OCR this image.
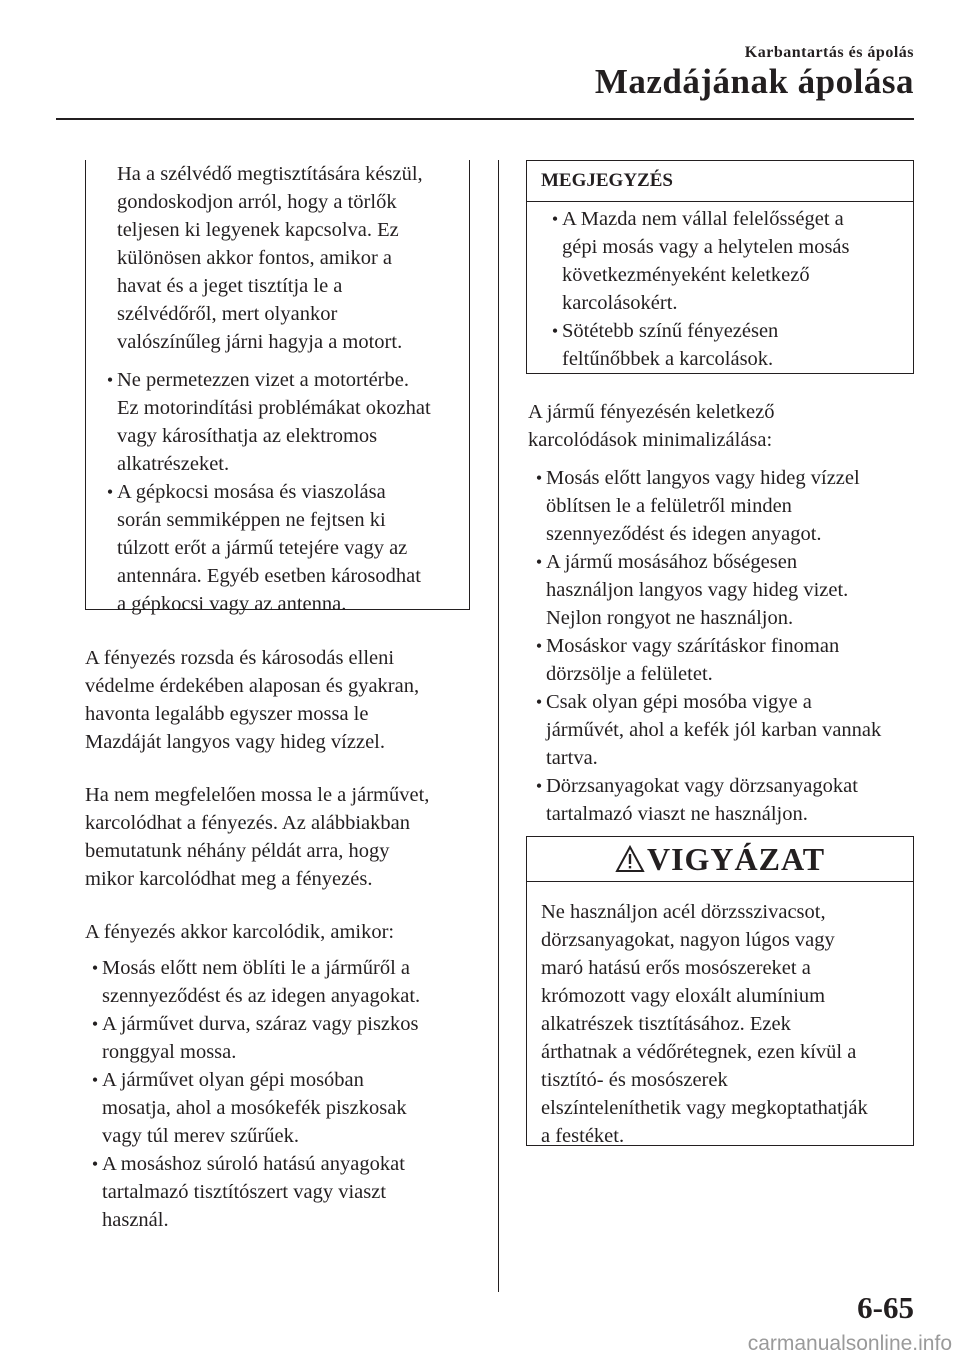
Karbantartás és ápolás
Mazdájának ápolása
Ha a szélvédő megtisztítására készül,
gondoskodjon arról, hogy a törlők
teljesen ki legyenek kapcsolva. Ez
különösen akkor fontos, amikor a
havat és a jeget tisztítja le a
szélvédőről, mert olyankor
valószínűleg járni hagyja a motort.
• Ne permetezzen vizet a motortérbe.
Ez motorindítási problémákat okozhat
vagy károsíthatja az elektromos
alkatrészeket.
• A gépkocsi mosása és viaszolása
során semmiképpen ne fejtsen ki
túlzott erőt a jármű tetejére vagy az
antennára. Egyéb esetben károsodhat
a gépkocsi vagy az antenna.
A fényezés rozsda és károsodás elleni
védelme érdekében alaposan és gyakran,
havonta legalább egyszer mossa le
Mazdáját langyos vagy hideg vízzel.
Ha nem megfelelően mossa le a járművet,
karcolódhat a fényezés. Az alábbiakban
bemutatunk néhány példát arra, hogy
mikor karcolódhat meg a fényezés.
A fényezés akkor karcolódik, amikor:
• Mosás előtt nem öblíti le a járműről a
szennyeződést és az idegen anyagokat.
• A járművet durva, száraz vagy piszkos
ronggyal mossa.
• A járművet olyan gépi mosóban
mosatja, ahol a mosókefék piszkosak
vagy túl merev szűrűek.
• A mosáshoz súroló hatású anyagokat
tartalmazó tisztítószert vagy viaszt
használ.
MEGJEGYZÉS
• A Mazda nem vállal felelősséget a
gépi mosás vagy a helytelen mosás
következményeként keletkező
karcolásokért.
• Sötétebb színű fényezésen
feltűnőbbek a karcolások.
A jármű fényezésén keletkező
karcolódások minimalizálása:
• Mosás előtt langyos vagy hideg vízzel
öblítsen le a felületről minden
szennyeződést és idegen anyagot.
• A jármű mosásához bőségesen
használjon langyos vagy hideg vizet.
Nejlon rongyot ne használjon.
• Mosáskor vagy szárításkor finoman
dörzsölje a felületet.
• Csak olyan gépi mosóba vigye a
járművét, ahol a kefék jól karban vannak
tartva.
• Dörzsanyagokat vagy dörzsanyagokat
tartalmazó viaszt ne használjon.
VIGYÁZAT
Ne használjon acél dörzsszivacsot,
dörzsanyagokat, nagyon lúgos vagy
maró hatású erős mosószereket a
krómozott vagy eloxált alumínium
alkatrészek tisztításához. Ezek
árthatnak a védőrétegnek, ezen kívül a
tisztító- és mosószerek
elszínteleníthetik vagy megkoptathatják
a festéket.
6-65
carmanualsonline.info
